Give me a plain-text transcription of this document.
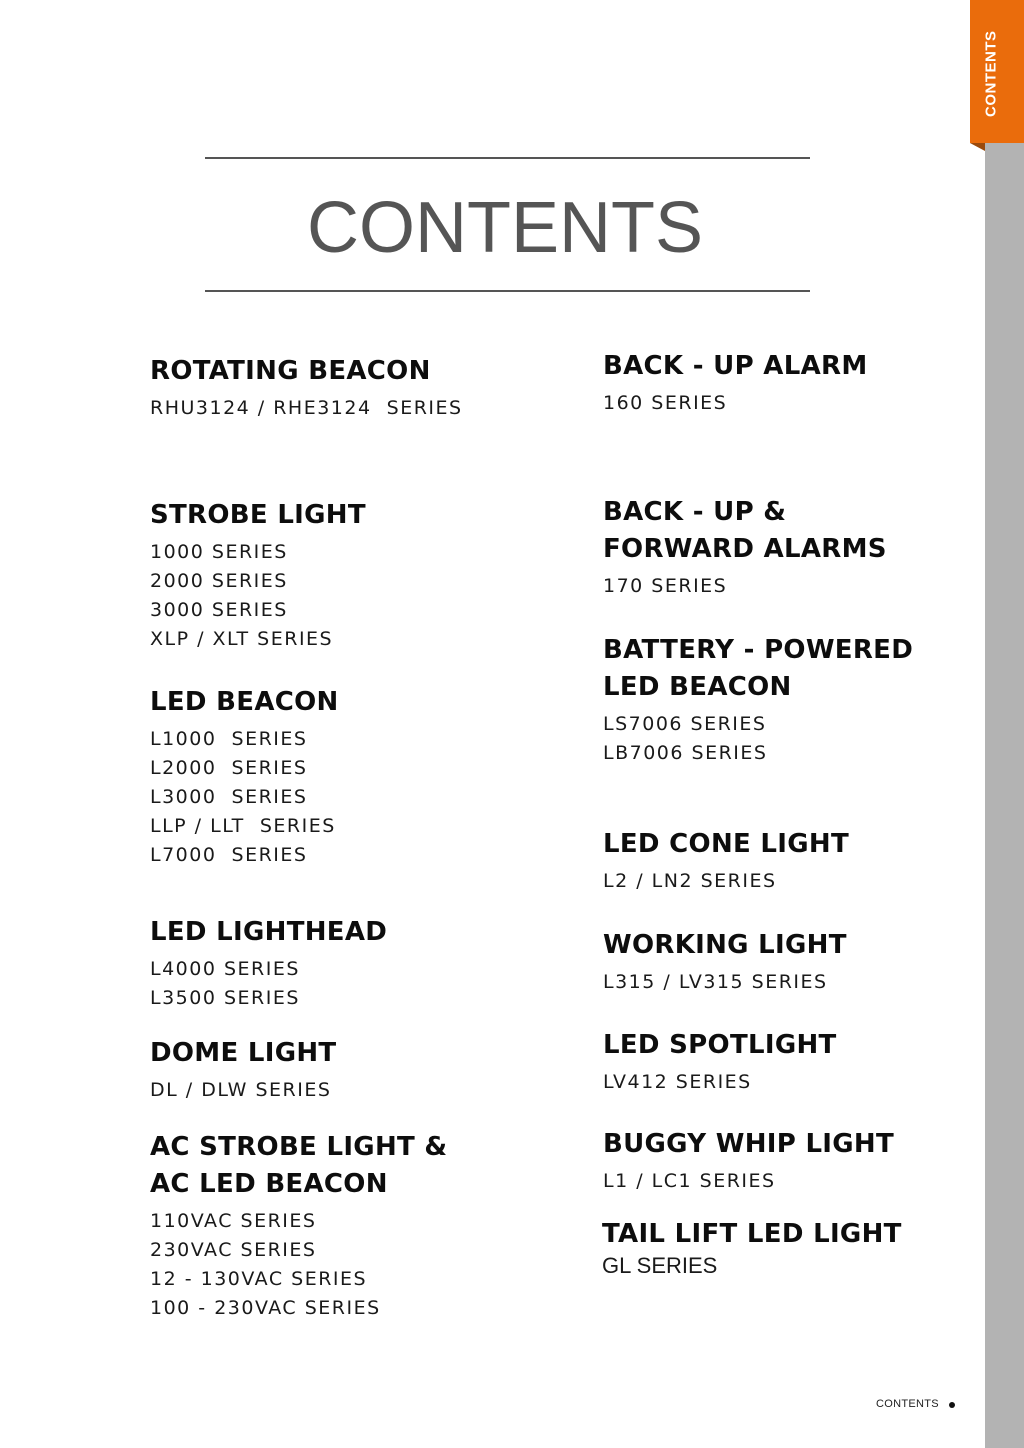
CONTENTS
CONTENTS
ROTATING BEACON
RHU3124 / RHE3124  SERIES
STROBE LIGHT
1000 SERIES
2000 SERIES
3000 SERIES
XLP / XLT SERIES
LED BEACON
L1000  SERIES
L2000  SERIES
L3000  SERIES
LLP / LLT  SERIES
L7000  SERIES
LED LIGHTHEAD
L4000 SERIES
L3500 SERIES
DOME LIGHT
DL / DLW SERIES
AC STROBE LIGHT &
AC LED BEACON
110VAC SERIES
230VAC SERIES
12 - 130VAC SERIES
100 - 230VAC SERIES
BACK - UP ALARM
160 SERIES
BACK - UP &
FORWARD ALARMS
170 SERIES
BATTERY - POWERED
LED BEACON
LS7006 SERIES
LB7006 SERIES
LED CONE LIGHT
L2 / LN2 SERIES
WORKING LIGHT
L315 / LV315 SERIES
LED SPOTLIGHT
LV412 SERIES
BUGGY WHIP LIGHT
L1 / LC1 SERIES
TAIL LIFT LED LIGHT
GL SERIES
CONTENTS
